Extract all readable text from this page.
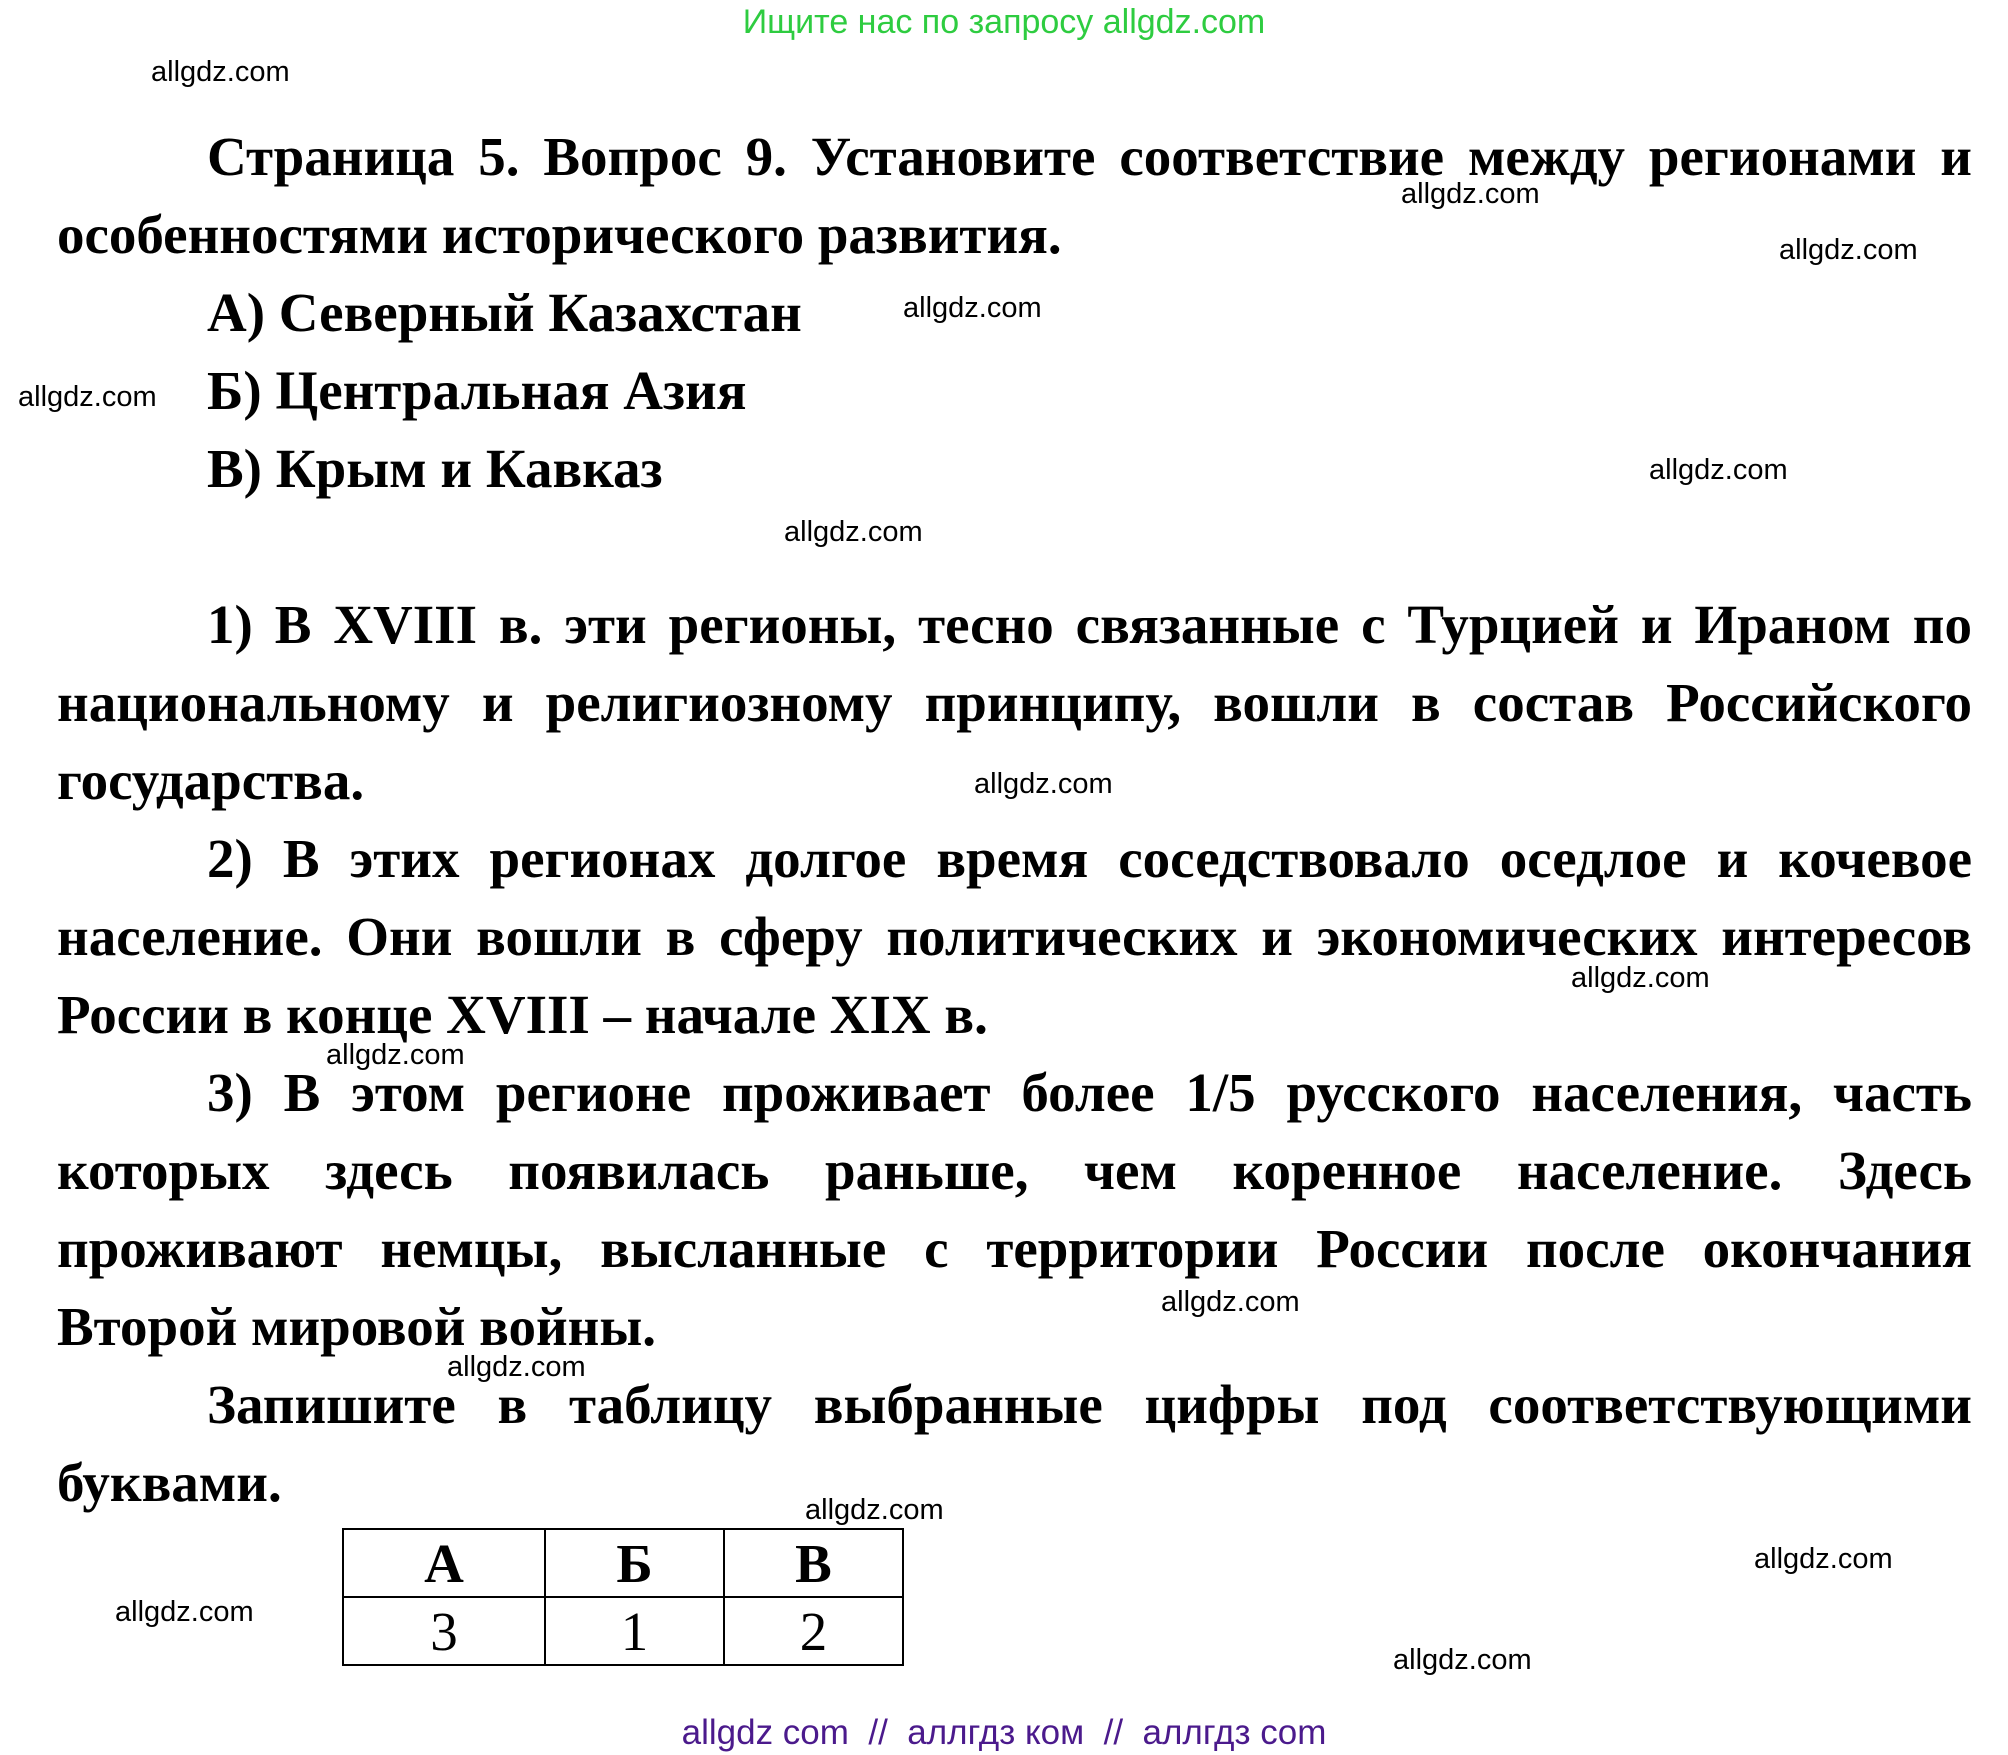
Ищите нас по запросу allgdz.com
allgdz.com
allgdz.com
allgdz.com
allgdz.com
allgdz.com
allgdz.com
allgdz.com
allgdz.com
allgdz.com
allgdz.com
allgdz.com
allgdz.com
allgdz.com
allgdz.com
allgdz.com
allgdz.com

Страница 5. Вопрос 9. Установите соответствие между регионами и особенностями исторического развития.

А) Северный Казахстан

Б) Центральная Азия

В) Крым и Кавказ

1) В XVIII в. эти регионы, тесно связанные с Турцией и Ираном по национальному и религиозному принципу, вошли в состав Российского государства.

2) В этих регионах долгое время соседствовало оседлое и кочевое население. Они вошли в сферу политических и экономических интересов России в конце XVIII – начале XIX в.

3) В этом регионе проживает более 1/5 русского населения, часть которых здесь появилась раньше, чем коренное население. Здесь проживают немцы, высланные с территории России после окончания Второй мировой войны.

Запишите в таблицу выбранные цифры под соответствующими буквами.

А	Б	В
3	1	2
allgdz com  //  аллгдз ком  //  аллгдз com
